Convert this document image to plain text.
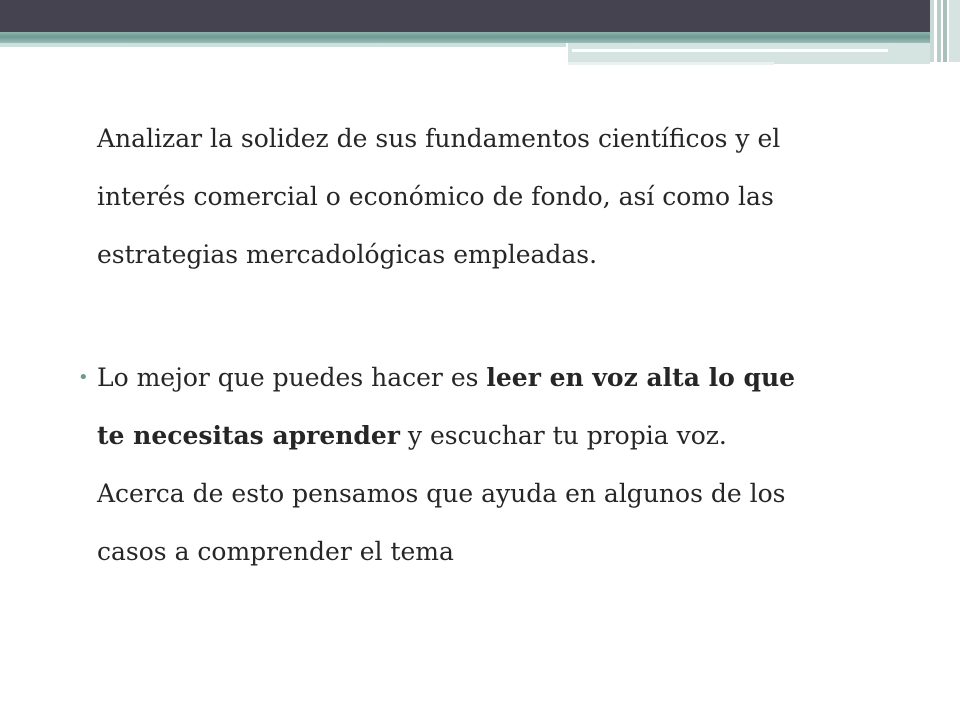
Analizar la solidez de sus fundamentos científicos y el
interés comercial o económico de fondo, así como las
estrategias mercadológicas empleadas.
• Lo mejor que puedes hacer es leer en voz alta lo que
te necesitas aprender y escuchar tu propia voz.
Acerca de esto pensamos que ayuda en algunos de los
casos a comprender el tema
